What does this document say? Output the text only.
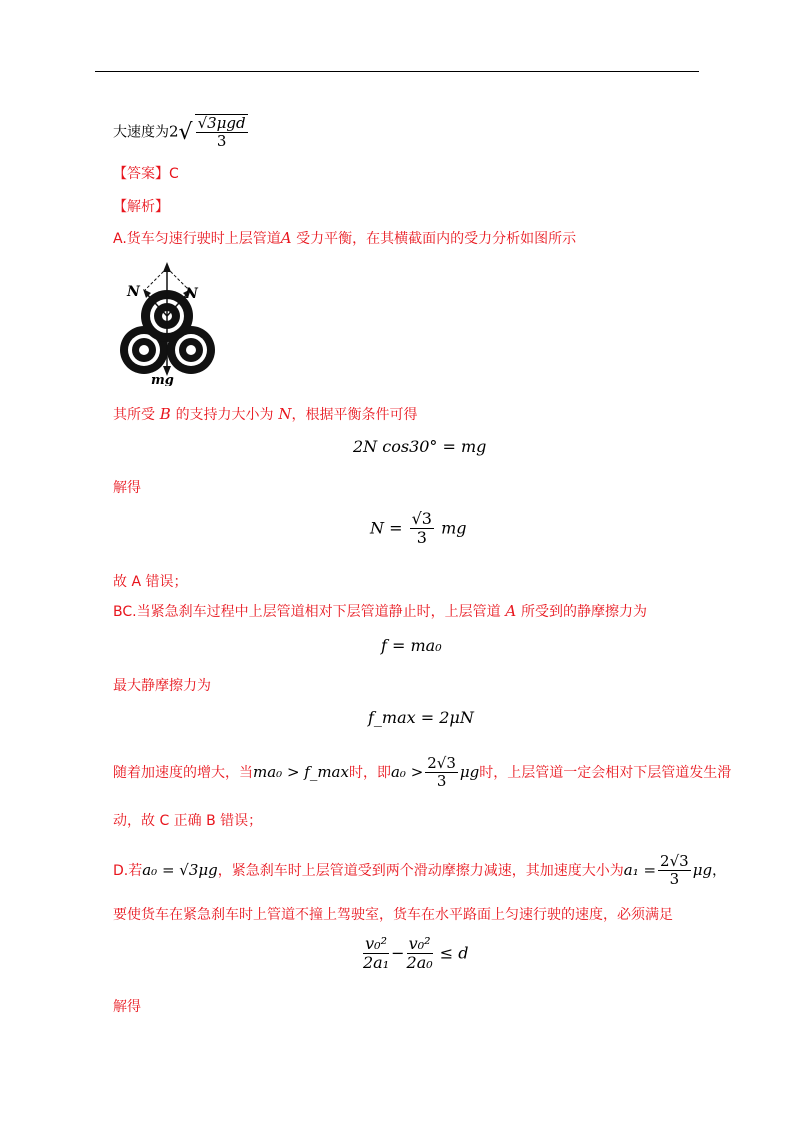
大速度为$2√ \frac{\text{√3μgd}}{3}$
【答案】C
【解析】
A.货车匀速行驶时上层管道A 受力平衡，在其横截面内的受力分析如图所示
N	N
mg
其所受 B 的支持力大小为 N，根据平衡条件可得
2N cos30° = mg
解得
$N = \frac{√3}{3}$ mg
故 A 错误；
BC.当紧急刹车过程中上层管道相对下层管道静止时，上层管道 A 所受到的静摩擦力为
f = ma₀
最大静摩擦力为
f_max = 2μN
随着加速度的增大，当ma₀ > f_max时，即$a_0 > \frac{2√3}{3}$ μg时，上层管道一定会相对下层管道发生滑
动，故 C 正确 B 错误；
D.若a₀ = √3μg，紧急刹车时上层管道受到两个滑动摩擦力减速，其加速度大小为$a_1 = \frac{2√3}{3}$ μg，
要使货车在紧急刹车时上管道不撞上驾驶室，货车在水平路面上匀速行驶的速度，必须满足
$\frac{\text{v₀²}}{\text{2a₁}} - \frac{\text{v₀²}}{\text{2a₀}} \le d$
解得
